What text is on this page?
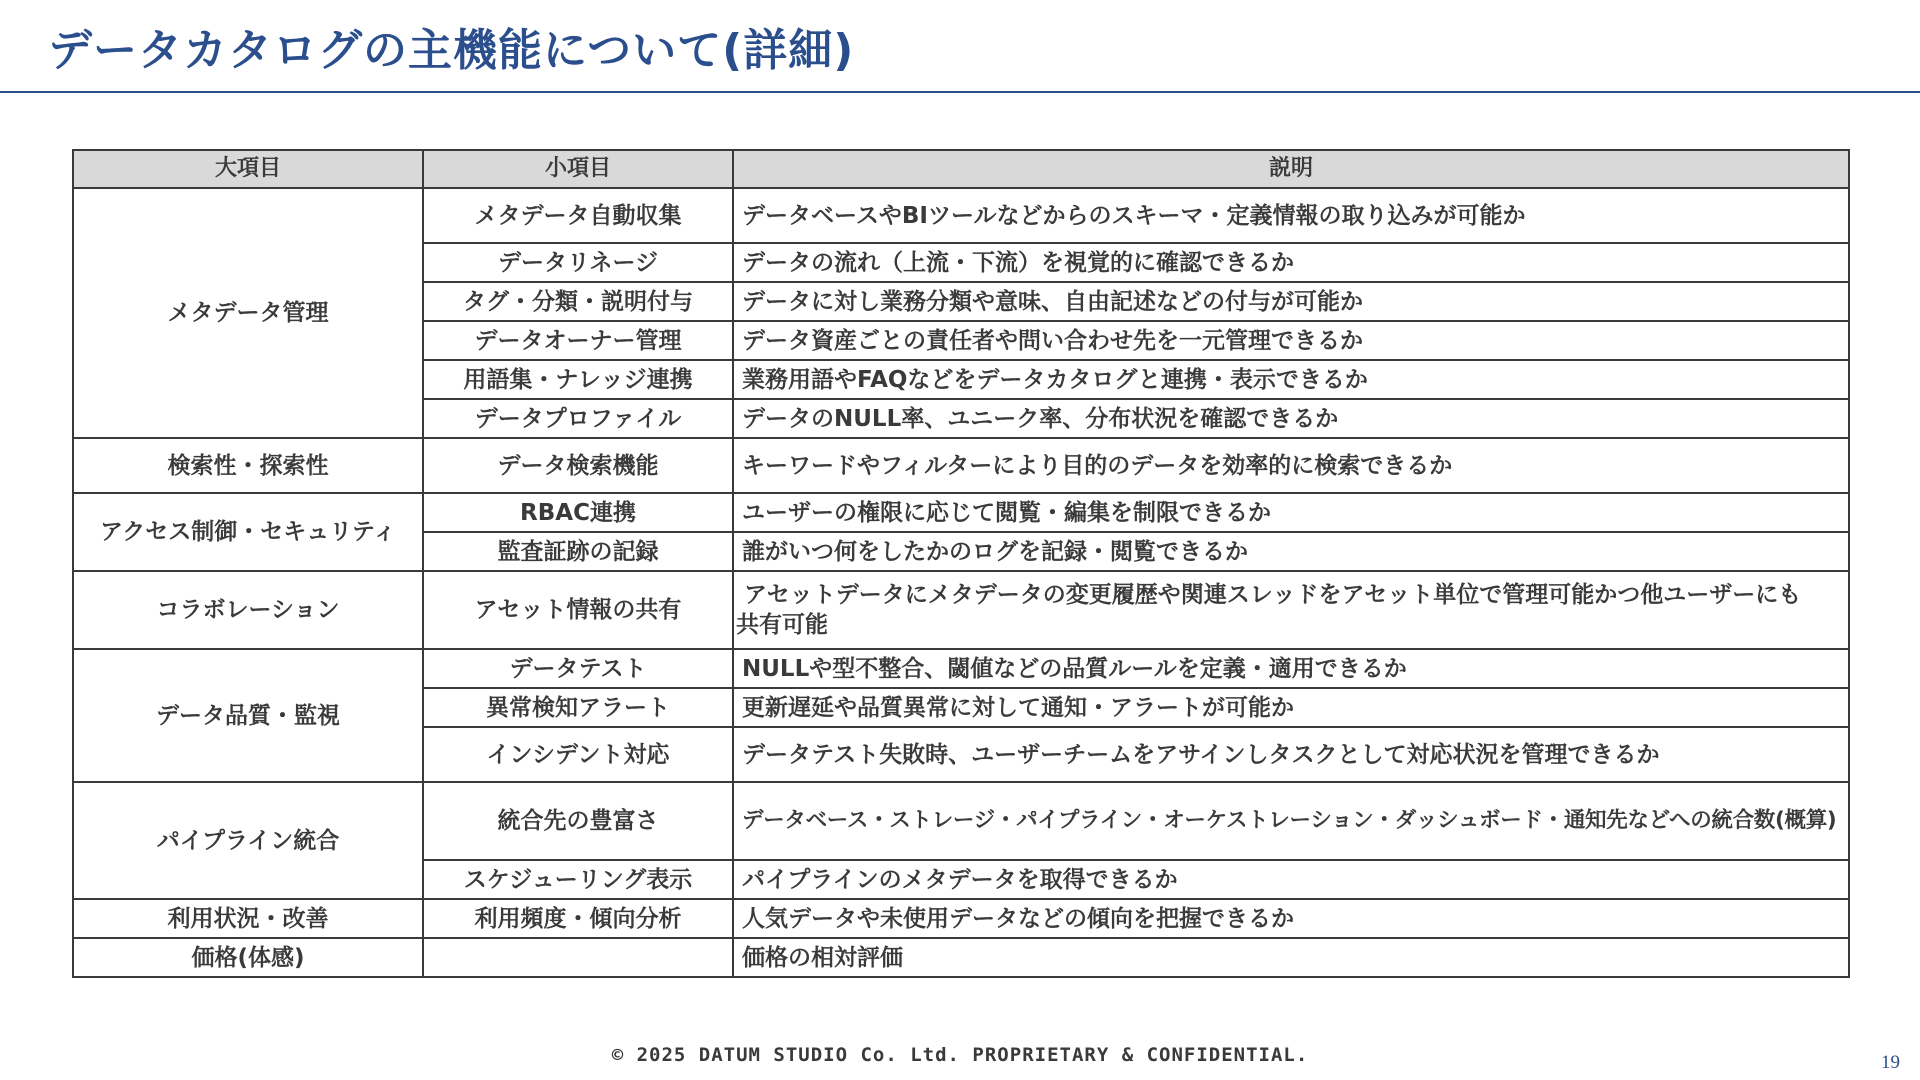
データカタログの主機能について(詳細)
大項目	小項目	説明
メタデータ管理	メタデータ自動収集	データベースやBIツールなどからのスキーマ・定義情報の取り込みが可能か
	データリネージ	データの流れ（上流・下流）を視覚的に確認できるか
	タグ・分類・説明付与	データに対し業務分類や意味、自由記述などの付与が可能か
	データオーナー管理	データ資産ごとの責任者や問い合わせ先を一元管理できるか
	用語集・ナレッジ連携	業務用語やFAQなどをデータカタログと連携・表示できるか
	データプロファイル	データのNULL率、ユニーク率、分布状況を確認できるか
検索性・探索性	データ検索機能	キーワードやフィルターにより目的のデータを効率的に検索できるか
アクセス制御・セキュリティ	RBAC連携	ユーザーの権限に応じて閲覧・編集を制限できるか
	監査証跡の記録	誰がいつ何をしたかのログを記録・閲覧できるか
コラボレーション	アセット情報の共有	アセットデータにメタデータの変更履歴や関連スレッドをアセット単位で管理可能かつ他ユーザーにも
共有可能

データ品質・監視	データテスト	NULLや型不整合、閾値などの品質ルールを定義・適用できるか
	異常検知アラート	更新遅延や品質異常に対して通知・アラートが可能か
	インシデント対応	データテスト失敗時、ユーザーチームをアサインしタスクとして対応状況を管理できるか
パイプライン統合	統合先の豊富さ	データベース・ストレージ・パイプライン・オーケストレーション・ダッシュボード・通知先などへの統合数(概算)
	スケジューリング表示	パイプラインのメタデータを取得できるか
利用状況・改善	利用頻度・傾向分析	人気データや未使用データなどの傾向を把握できるか
価格(体感)		価格の相対評価
© 2025 DATUM STUDIO Co. Ltd. PROPRIETARY & CONFIDENTIAL.	19
